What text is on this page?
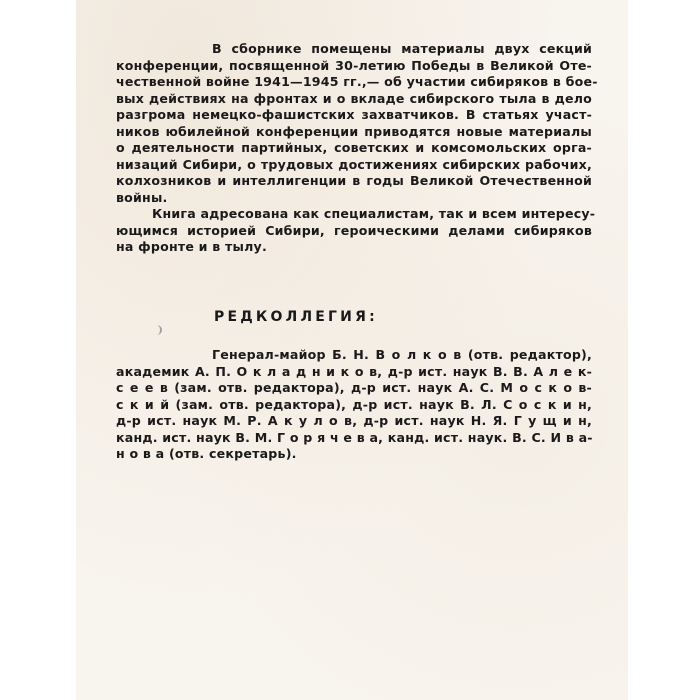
В сборнике помещены материалы двух секций
конференции, посвященной 30-летию Победы в Великой Оте-
чественной войне 1941—1945 гг.,— об участии сибиряков в бое-
вых действиях на фронтах и о вкладе сибирского тыла в дело
разгрома немецко-фашистских захватчиков. В статьях участ-
ников юбилейной конференции приводятся новые материалы
о деятельности партийных, советских и комсомольских орга-
низаций Сибири, о трудовых достижениях сибирских рабочих,
колхозников и интеллигенции в годы Великой Отечественной
войны.
Книга адресована как специалистам, так и всем интересу-
ющимся историей Сибири, героическими делами сибиряков
на фронте и в тылу.
РЕДКОЛЛЕГИЯ:
Генерал-майор Б. Н. В о л к о в (отв. редактор),
академик А. П. О к л а д н и к о в, д-р ист. наук В. В. А л е к-
с е е в (зам. отв. редактора), д-р ист. наук А. С. М о с к о в-
с к и й (зам. отв. редактора), д-р ист. наук В. Л. С о с к и н,
д-р ист. наук М. Р. А к у л о в, д-р ист. наук Н. Я. Г у щ и н,
канд. ист. наук В. М. Г о р я ч е в а, канд. ист. наук. В. С. И в а-
н о в а (отв. секретарь).
